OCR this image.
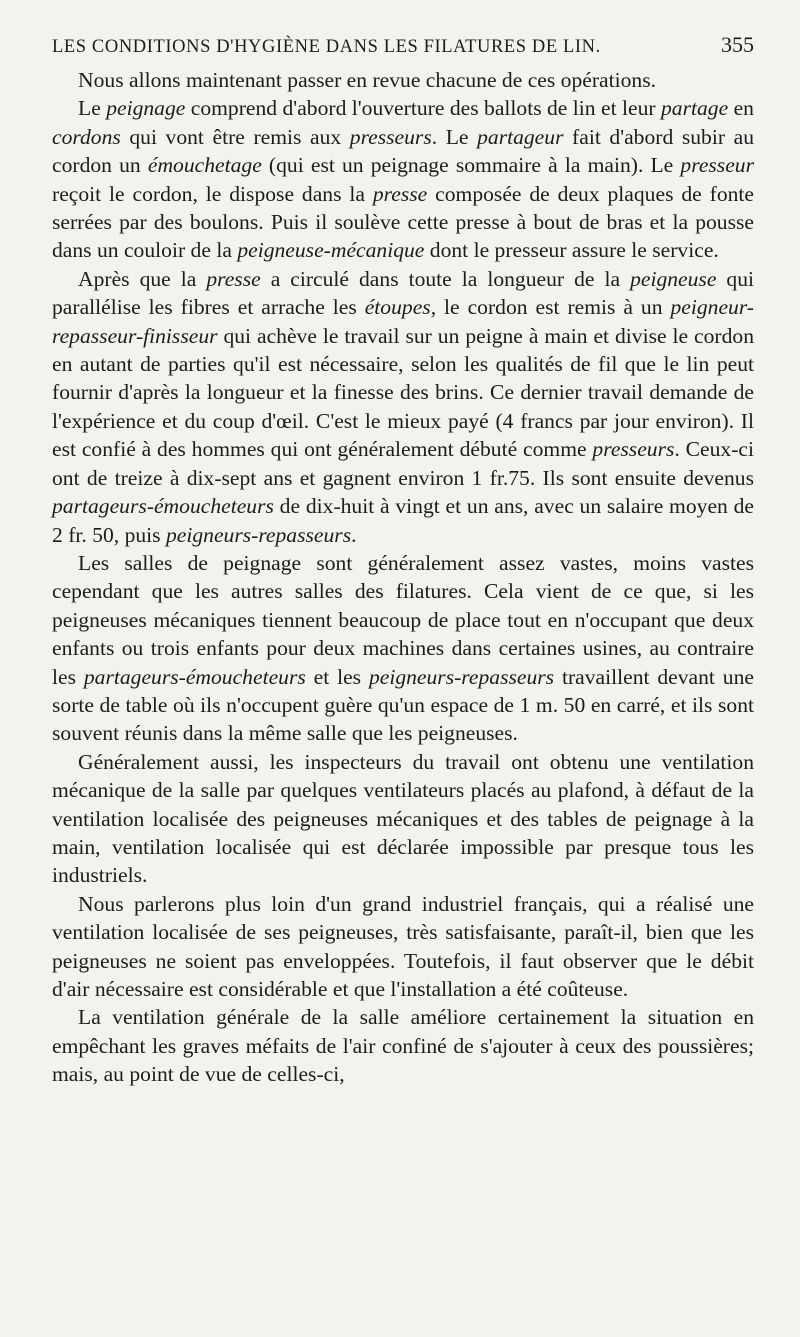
LES CONDITIONS D'HYGIÈNE DANS LES FILATURES DE LIN.	355

Nous allons maintenant passer en revue chacune de ces opérations.

Le peignage comprend d'abord l'ouverture des ballots de lin et leur partage en cordons qui vont être remis aux presseurs. Le partageur fait d'abord subir au cordon un émouchetage (qui est un peignage sommaire à la main). Le presseur reçoit le cordon, le dispose dans la presse composée de deux plaques de fonte serrées par des boulons. Puis il soulève cette presse à bout de bras et la pousse dans un couloir de la peigneuse-mécanique dont le presseur assure le service.

Après que la presse a circulé dans toute la longueur de la peigneuse qui parallélise les fibres et arrache les étoupes, le cordon est remis à un peigneur-repasseur-finisseur qui achève le travail sur un peigne à main et divise le cordon en autant de parties qu'il est nécessaire, selon les qualités de fil que le lin peut fournir d'après la longueur et la finesse des brins. Ce dernier travail demande de l'expérience et du coup d'œil. C'est le mieux payé (4 francs par jour environ). Il est confié à des hommes qui ont généralement débuté comme presseurs. Ceux-ci ont de treize à dix-sept ans et gagnent environ 1 fr.75. Ils sont ensuite devenus partageurs-émoucheteurs de dix-huit à vingt et un ans, avec un salaire moyen de 2 fr. 50, puis peigneurs-repasseurs.

Les salles de peignage sont généralement assez vastes, moins vastes cependant que les autres salles des filatures. Cela vient de ce que, si les peigneuses mécaniques tiennent beaucoup de place tout en n'occupant que deux enfants ou trois enfants pour deux machines dans certaines usines, au contraire les partageurs-émoucheteurs et les peigneurs-repasseurs travaillent devant une sorte de table où ils n'occupent guère qu'un espace de 1 m. 50 en carré, et ils sont souvent réunis dans la même salle que les peigneuses.

Généralement aussi, les inspecteurs du travail ont obtenu une ventilation mécanique de la salle par quelques ventilateurs placés au plafond, à défaut de la ventilation localisée des peigneuses mécaniques et des tables de peignage à la main, ventilation localisée qui est déclarée impossible par presque tous les industriels.

Nous parlerons plus loin d'un grand industriel français, qui a réalisé une ventilation localisée de ses peigneuses, très satisfaisante, paraît-il, bien que les peigneuses ne soient pas enveloppées. Toutefois, il faut observer que le débit d'air nécessaire est considérable et que l'installation a été coûteuse.

La ventilation générale de la salle améliore certainement la situation en empêchant les graves méfaits de l'air confiné de s'ajouter à ceux des poussières; mais, au point de vue de celles-ci,
